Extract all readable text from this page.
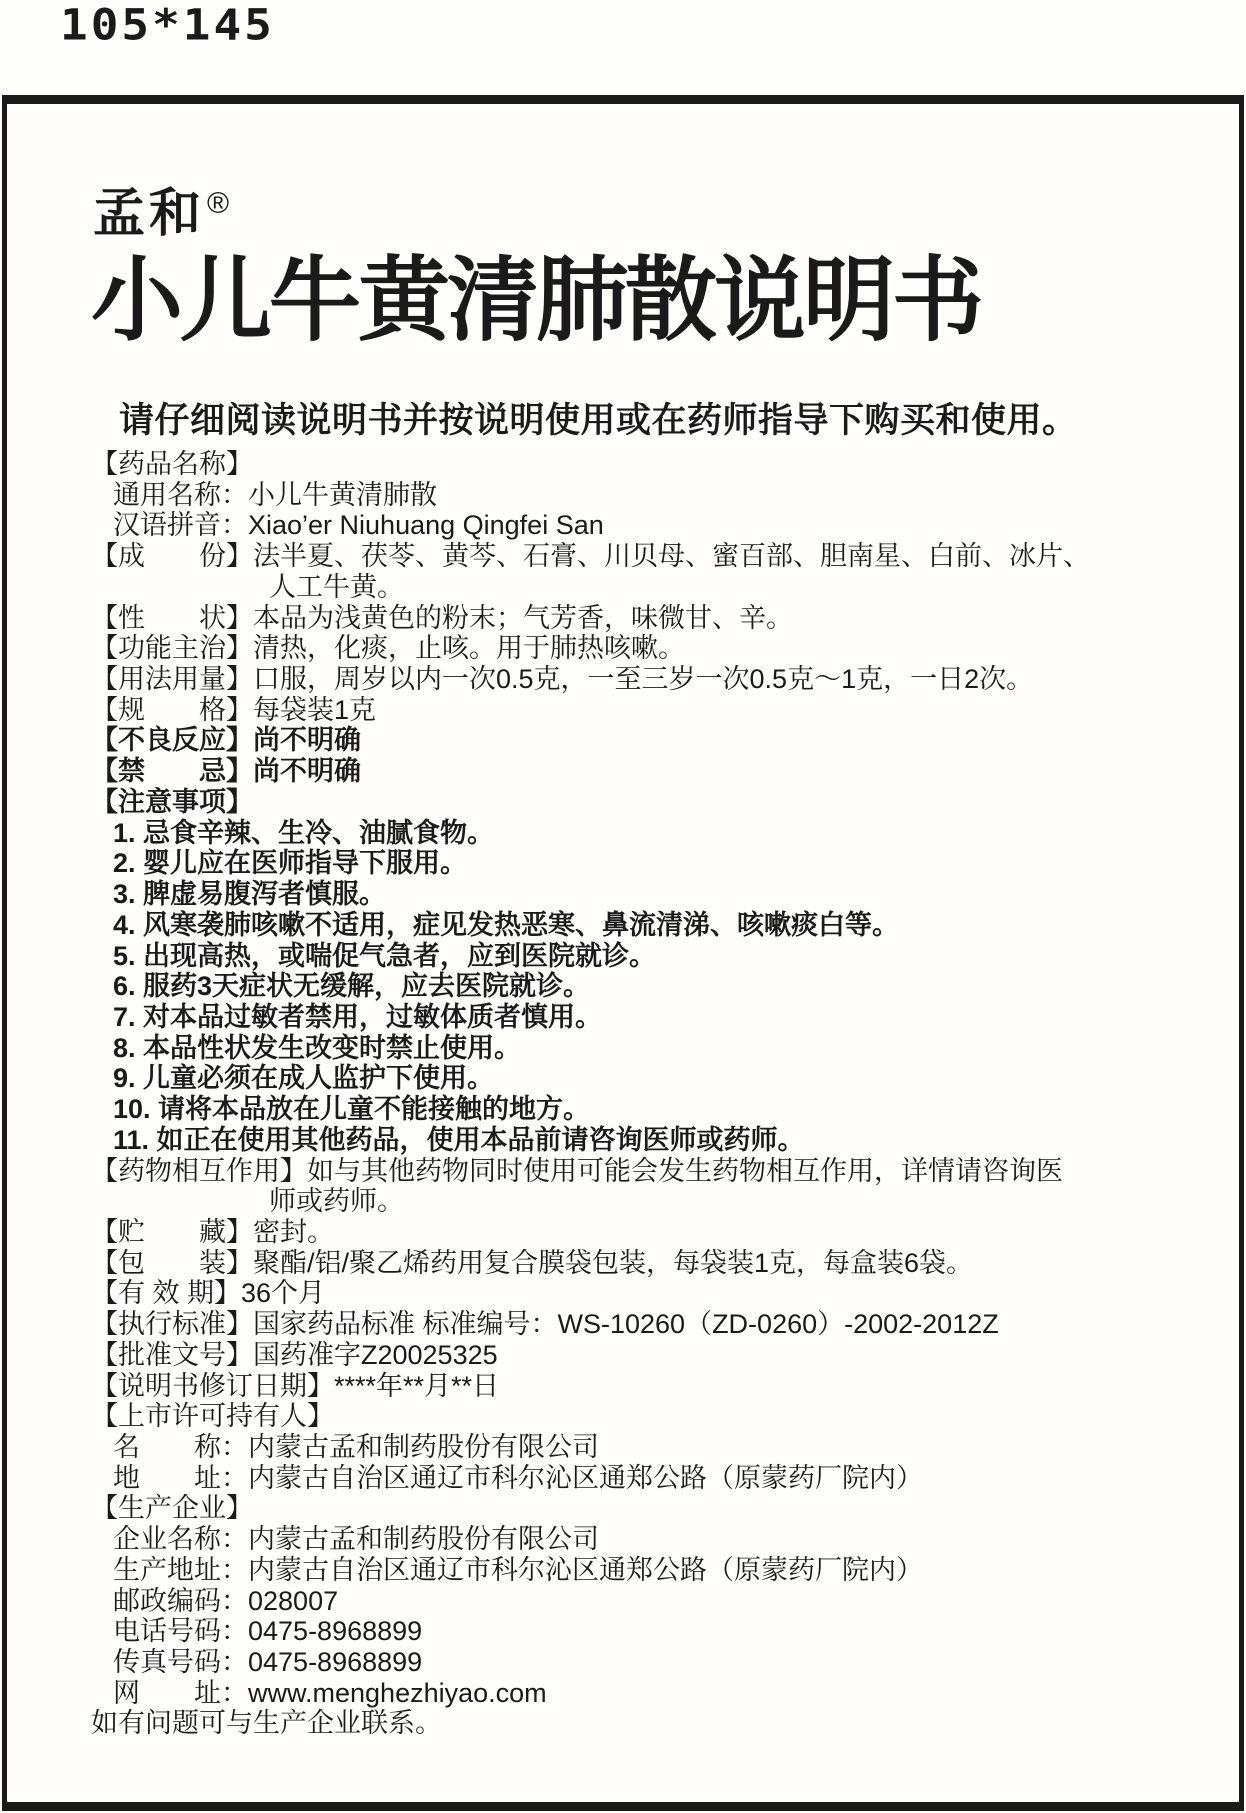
105*145
孟和®
小儿牛黄清肺散说明书
请仔细阅读说明书并按说明使用或在药师指导下购买和使用。
【药品名称】
通用名称：小儿牛黄清肺散
汉语拼音：Xiao’er Niuhuang Qingfei San
【成　　份】法半夏、茯苓、黄芩、石膏、川贝母、蜜百部、胆南星、白前、冰片、
人工牛黄。
【性　　状】本品为浅黄色的粉末；气芳香，味微甘、辛。
【功能主治】清热，化痰，止咳。用于肺热咳嗽。
【用法用量】口服，周岁以内一次0.5克，一至三岁一次0.5克～1克，一日2次。
【规　　格】每袋装1克
【不良反应】尚不明确
【禁　　忌】尚不明确
【注意事项】
1. 忌食辛辣、生冷、油腻食物。
2. 婴儿应在医师指导下服用。
3. 脾虚易腹泻者慎服。
4. 风寒袭肺咳嗽不适用，症见发热恶寒、鼻流清涕、咳嗽痰白等。
5. 出现高热，或喘促气急者，应到医院就诊。
6. 服药3天症状无缓解，应去医院就诊。
7. 对本品过敏者禁用，过敏体质者慎用。
8. 本品性状发生改变时禁止使用。
9. 儿童必须在成人监护下使用。
10. 请将本品放在儿童不能接触的地方。
11. 如正在使用其他药品，使用本品前请咨询医师或药师。
【药物相互作用】如与其他药物同时使用可能会发生药物相互作用，详情请咨询医
师或药师。
【贮　　藏】密封。
【包　　装】聚酯/铝/聚乙烯药用复合膜袋包装，每袋装1克，每盒装6袋。
【有 效 期】36个月
【执行标准】国家药品标准 标准编号：WS-10260（ZD-0260）-2002-2012Z
【批准文号】国药准字Z20025325
【说明书修订日期】****年**月**日
【上市许可持有人】
名　　称：内蒙古孟和制药股份有限公司
地　　址：内蒙古自治区通辽市科尔沁区通郑公路（原蒙药厂院内）
【生产企业】
企业名称：内蒙古孟和制药股份有限公司
生产地址：内蒙古自治区通辽市科尔沁区通郑公路（原蒙药厂院内）
邮政编码：028007
电话号码：0475-8968899
传真号码：0475-8968899
网　　址：www.menghezhiyao.com
如有问题可与生产企业联系。
